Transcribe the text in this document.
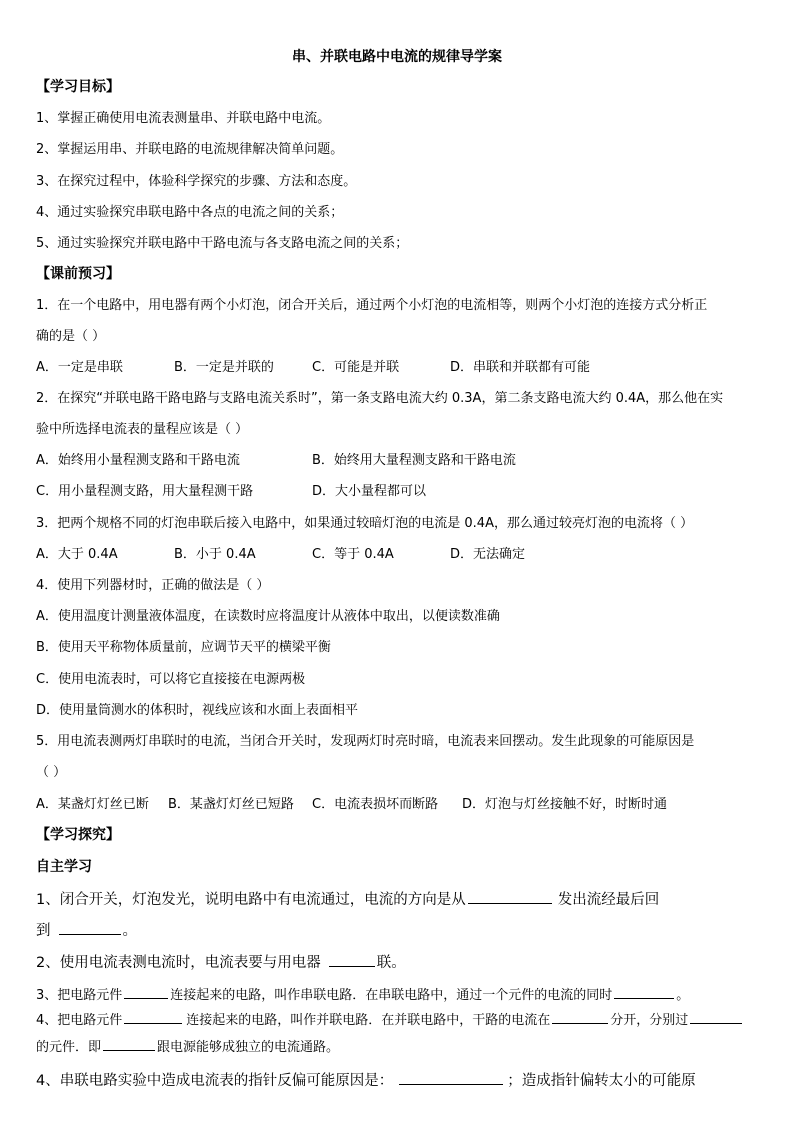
串、并联电路中电流的规律导学案
【学习目标】
1、掌握正确使用电流表测量串、并联电路中电流。
2、掌握运用串、并联电路的电流规律解决简单问题。
3、在探究过程中，体验科学探究的步骤、方法和态度。
4、通过实验探究串联电路中各点的电流之间的关系；
5、通过实验探究并联电路中干路电流与各支路电流之间的关系；
【课前预习】
1．在一个电路中，用电器有两个小灯泡，闭合开关后，通过两个小灯泡的电流相等，则两个小灯泡的连接方式分析正
确的是（ ）
A．一定是串联	B．一定是并联的	C．可能是并联	D．串联和并联都有可能
2．在探究“并联电路干路电路与支路电流关系时”，第一条支路电流大约 0.3A，第二条支路电流大约 0.4A，那么他在实
验中所选择电流表的量程应该是（ ）
A．始终用小量程测支路和干路电流	B．始终用大量程测支路和干路电流
C．用小量程测支路，用大量程测干路	D．大小量程都可以
3．把两个规格不同的灯泡串联后接入电路中，如果通过较暗灯泡的电流是 0.4A，那么通过较亮灯泡的电流将（ ）
A．大于 0.4A	B．小于 0.4A	C．等于 0.4A	D．无法确定
4．使用下列器材时，正确的做法是（ ）
A．使用温度计测量液体温度，在读数时应将温度计从液体中取出，以便读数准确
B．使用天平称物体质量前，应调节天平的横梁平衡
C．使用电流表时，可以将它直接接在电源两极
D．使用量筒测水的体积时，视线应该和水面上表面相平
5．用电流表测两灯串联时的电流，当闭合开关时，发现两灯时亮时暗，电流表来回摆动。发生此现象的可能原因是
（ ）
A．某盏灯灯丝已断 B．某盏灯灯丝已短路 C．电流表损坏而断路 D．灯泡与灯丝接触不好，时断时通
【学习探究】
自主学习
1、闭合开关，灯泡发光，说明电路中有电流通过，电流的方向是从	发出流经最后回
到	。
2、使用电流表测电流时，电流表要与用电器	联。
3、把电路元件	连接起来的电路，叫作串联电路．在串联电路中，通过一个元件的电流的同时	。
4、把电路元件	连接起来的电路，叫作并联电路．在并联电路中，干路的电流在	分开，分别过
的元件．即	跟电源能够成独立的电流通路。
4、串联电路实验中造成电流表的指针反偏可能原因是：	；造成指针偏转太小的可能原
